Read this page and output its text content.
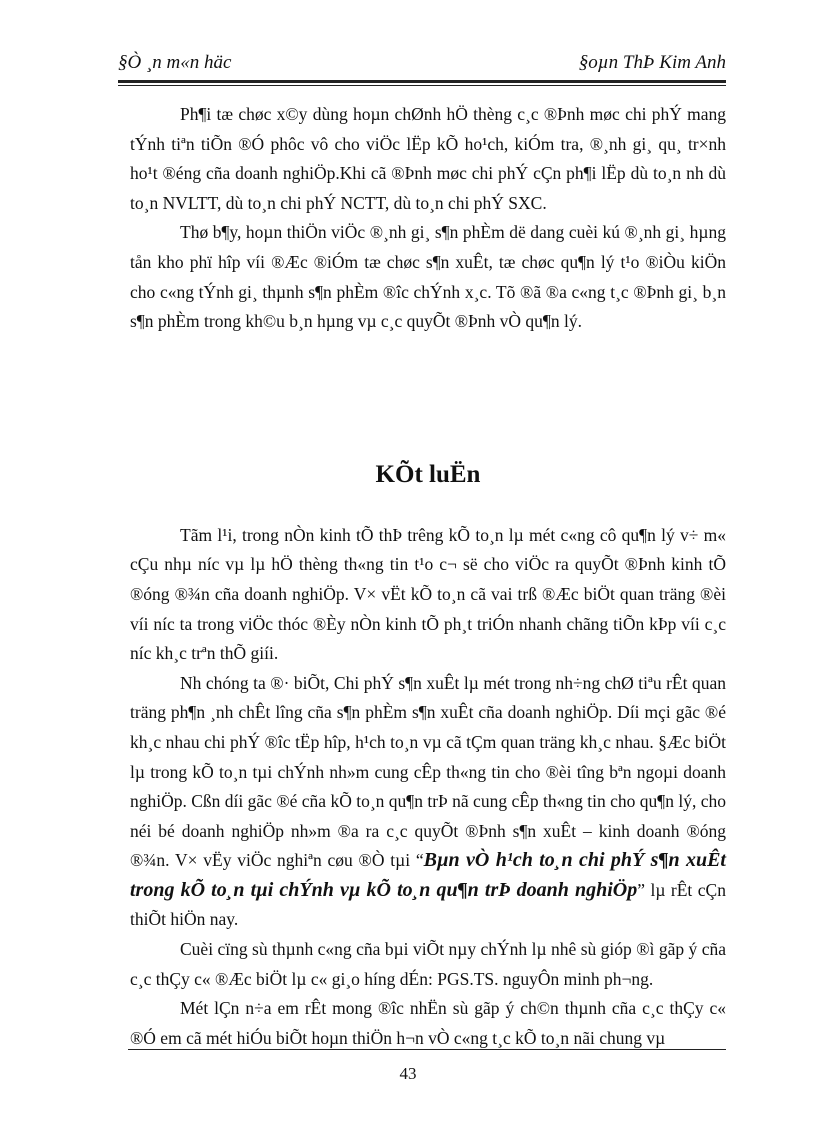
§Ò ¸n m«n häc	§oµn ThÞ Kim Anh

Ph¶i tæ chøc x©y dùng hoµn chØnh hÖ thèng c¸c ®Þnh møc chi phÝ mang tÝnh tiªn tiÕn ®Ó phôc vô cho viÖc lËp kÕ ho¹ch, kiÓm tra, ®¸nh gi¸ qu¸ tr×nh ho¹t ®éng cña doanh nghiÖp.Khi cã ®Þnh møc chi phÝ cÇn ph¶i lËp dù to¸n nh dù to¸n NVLTT, dù to¸n chi phÝ NCTT, dù to¸n chi phÝ SXC.

Thø b¶y, hoµn thiÖn viÖc ®¸nh gi¸ s¶n phÈm dë dang cuèi kú ®¸nh gi¸ hµng tån kho phï hîp víi ®Æc ®iÓm tæ chøc s¶n xuÊt, tæ chøc qu¶n lý t¹o ®iÒu kiÖn cho c«ng tÝnh gi¸ thµnh s¶n phÈm ®îc chÝnh x¸c. Tõ ®ã ®a c«ng t¸c ®Þnh gi¸ b¸n s¶n phÈm trong kh©u b¸n hµng vµ c¸c quyÕt ®Þnh vÒ qu¶n lý.

KÕt luËn

Tãm l¹i, trong nÒn kinh tÕ thÞ trêng kÕ to¸n lµ mét c«ng cô qu¶n lý v÷ m« cÇu nhµ níc vµ lµ hÖ thèng th«ng tin t¹o c¬ së cho viÖc ra quyÕt ®Þnh kinh tÕ ®óng ®¾n cña doanh nghiÖp. V× vËt kÕ to¸n cã vai trß ®Æc biÖt quan träng ®èi víi níc ta trong viÖc thóc ®Èy nÒn kinh tÕ ph¸t triÓn nhanh chãng tiÕn kÞp víi c¸c níc kh¸c trªn thÕ giíi.

Nh chóng ta ®· biÕt, Chi phÝ s¶n xuÊt lµ mét trong nh÷ng chØ tiªu rÊt quan träng ph¶n ¸nh chÊt lîng cña s¶n phÈm s¶n xuÊt cña doanh nghiÖp. Díi mçi gãc ®é kh¸c nhau chi phÝ ®îc tËp hîp, h¹ch to¸n vµ cã tÇm quan träng kh¸c nhau. §Æc biÖt lµ trong kÕ to¸n tµi chÝnh nh»m cung cÊp th«ng tin cho ®èi tîng bªn ngoµi doanh nghiÖp. Cßn díi gãc ®é cña kÕ to¸n qu¶n trÞ nã cung cÊp th«ng tin cho qu¶n lý, cho néi bé doanh nghiÖp nh»m ®a ra c¸c quyÕt ®Þnh s¶n xuÊt – kinh doanh ®óng ®¾n. V× vËy viÖc nghiªn cøu ®Ò tµi “Bµn vÒ h¹ch to¸n chi phÝ s¶n xuÊt trong kÕ to¸n tµi chÝnh vµ kÕ to¸n qu¶n trÞ doanh nghiÖp” lµ rÊt cÇn thiÕt hiÖn nay.

Cuèi cïng sù thµnh c«ng cña bµi viÕt nµy chÝnh lµ nhê sù gióp ®ì gãp ý cña c¸c thÇy c« ®Æc biÖt lµ c« gi¸o híng dÉn: PGS.TS. nguyÔn minh ph¬ng.

Mét lÇn n÷a em rÊt mong ®îc nhËn sù gãp ý ch©n thµnh cña c¸c thÇy c« ®Ó em cã mét hiÓu biÕt hoµn thiÖn h¬n vÒ c«ng t¸c kÕ to¸n nãi chung vµ

43
